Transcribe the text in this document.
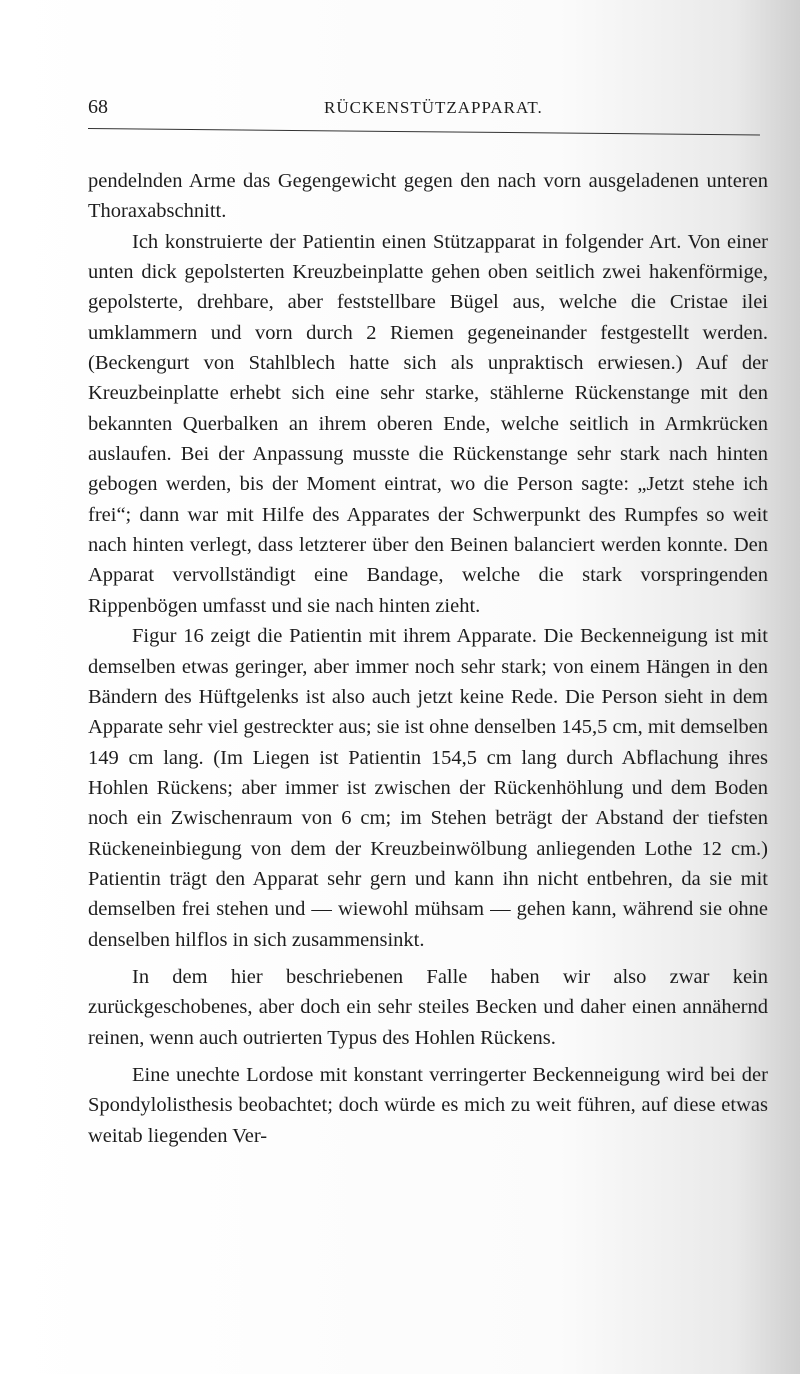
68	RÜCKENSTÜTZAPPARAT.

pendelnden Arme das Gegengewicht gegen den nach vorn ausgeladenen unteren Thoraxabschnitt.

Ich konstruierte der Patientin einen Stützapparat in folgender Art. Von einer unten dick gepolsterten Kreuzbeinplatte gehen oben seitlich zwei hakenförmige, gepolsterte, drehbare, aber feststellbare Bügel aus, welche die Cristae ilei umklammern und vorn durch 2 Riemen gegeneinander festgestellt werden. (Beckengurt von Stahlblech hatte sich als unpraktisch erwiesen.) Auf der Kreuzbeinplatte erhebt sich eine sehr starke, stählerne Rückenstange mit den bekannten Querbalken an ihrem oberen Ende, welche seitlich in Armkrücken auslaufen. Bei der Anpassung musste die Rückenstange sehr stark nach hinten gebogen werden, bis der Moment eintrat, wo die Person sagte: „Jetzt stehe ich frei“; dann war mit Hilfe des Apparates der Schwerpunkt des Rumpfes so weit nach hinten verlegt, dass letzterer über den Beinen balanciert werden konnte. Den Apparat vervollständigt eine Bandage, welche die stark vorspringenden Rippenbögen umfasst und sie nach hinten zieht.

Figur 16 zeigt die Patientin mit ihrem Apparate. Die Beckenneigung ist mit demselben etwas geringer, aber immer noch sehr stark; von einem Hängen in den Bändern des Hüftgelenks ist also auch jetzt keine Rede. Die Person sieht in dem Apparate sehr viel gestreckter aus; sie ist ohne denselben 145,5 cm, mit demselben 149 cm lang. (Im Liegen ist Patientin 154,5 cm lang durch Abflachung ihres Hohlen Rückens; aber immer ist zwischen der Rückenhöhlung und dem Boden noch ein Zwischenraum von 6 cm; im Stehen beträgt der Abstand der tiefsten Rückeneinbiegung von dem der Kreuzbeinwölbung anliegenden Lothe 12 cm.) Patientin trägt den Apparat sehr gern und kann ihn nicht entbehren, da sie mit demselben frei stehen und — wiewohl mühsam — gehen kann, während sie ohne denselben hilflos in sich zusammensinkt.

In dem hier beschriebenen Falle haben wir also zwar kein zurückgeschobenes, aber doch ein sehr steiles Becken und daher einen annähernd reinen, wenn auch outrierten Typus des Hohlen Rückens.

Eine unechte Lordose mit konstant verringerter Beckenneigung wird bei der Spondylolisthesis beobachtet; doch würde es mich zu weit führen, auf diese etwas weitab liegenden Ver-
